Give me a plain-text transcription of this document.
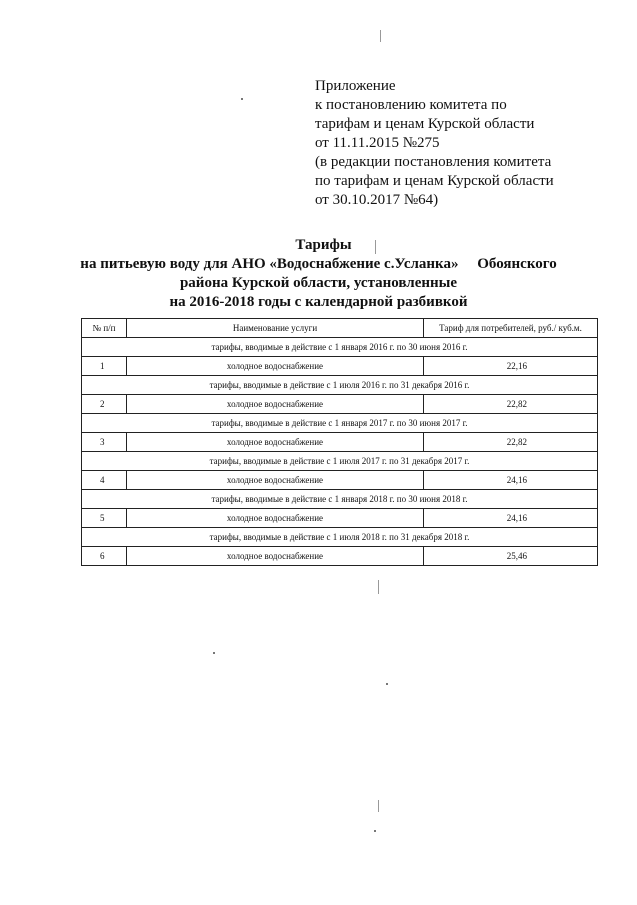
Приложение
к постановлению комитета по
тарифам и ценам Курской области
от 11.11.2015 №275
(в редакции постановления комитета
по тарифам и ценам Курской области
от 30.10.2017 №64)
Тарифы
на питьевую воду для АНО «Водоснабжение с.Усланка»     Обоянского
района Курской области, установленные
на 2016-2018 годы с календарной разбивкой
№ п/п	Наименование услуги	Тариф для потребителей, руб./ куб.м.
тарифы, вводимые в действие с 1 января 2016 г. по 30 июня 2016 г.		
1	холодное водоснабжение	22,16
тарифы, вводимые в действие с 1 июля 2016 г. по 31 декабря 2016 г.		
2	холодное водоснабжение	22,82
тарифы, вводимые в действие с 1 января 2017 г. по 30 июня 2017 г.		
3	холодное водоснабжение	22,82
тарифы, вводимые в действие с 1 июля 2017 г. по 31 декабря 2017 г.		
4	холодное водоснабжение	24,16
тарифы, вводимые в действие с 1 января 2018 г. по 30 июня 2018 г.		
5	холодное водоснабжение	24,16
тарифы, вводимые в действие с 1 июля 2018 г. по 31 декабря 2018 г.		
6	холодное водоснабжение	25,46
